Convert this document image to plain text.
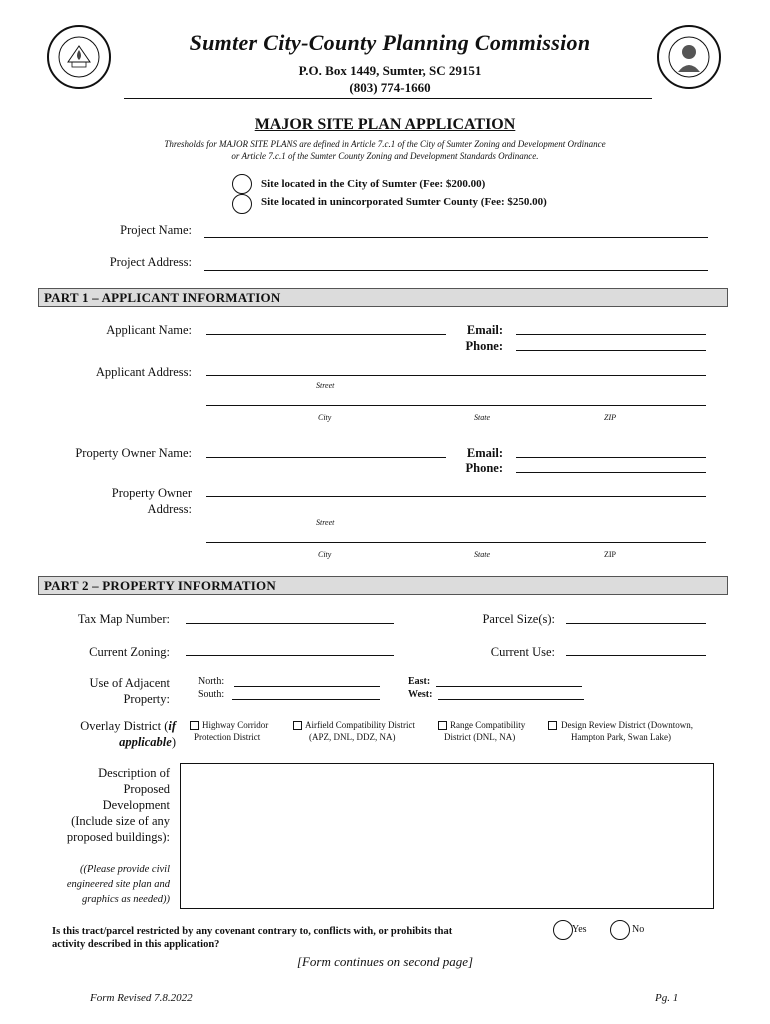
Sumter City-County Planning Commission
P.O. Box 1449, Sumter, SC 29151
(803) 774-1660
MAJOR SITE PLAN APPLICATION
Thresholds for MAJOR SITE PLANS are defined in Article 7.c.1 of the City of Sumter Zoning and Development Ordinance
or Article 7.c.1 of the Sumter County Zoning and Development Standards Ordinance.
Site located in the City of Sumter (Fee: $200.00)
Site located in unincorporated Sumter County (Fee: $250.00)
Project Name:
Project Address:
PART 1 – APPLICANT INFORMATION
Applicant Name:	Email:
Phone:
Applicant Address:
Street
City	State	ZIP
Property Owner Name:	Email:
Phone:
Property Owner
Address:
Street
City	State	ZIP
PART 2 – PROPERTY INFORMATION
Tax Map Number:	Parcel Size(s):
Current Zoning:	Current Use:
Use of Adjacent
Property:
North:
South:
East:
West:
Overlay District (if
applicable)
Highway Corridor
Protection District
Airfield Compatibility District
(APZ, DNL, DDZ, NA)
Range Compatibility
District (DNL, NA)
Design Review District (Downtown,
Hampton Park, Swan Lake)
Description of
Proposed
Development
(Include size of any
proposed buildings):
((Please provide civil
engineered site plan and
graphics as needed))
Is this tract/parcel restricted by any covenant contrary to, conflicts with, or prohibits that
activity described in this application?
Yes	No
[Form continues on second page]
Form Revised 7.8.2022	Pg. 1
